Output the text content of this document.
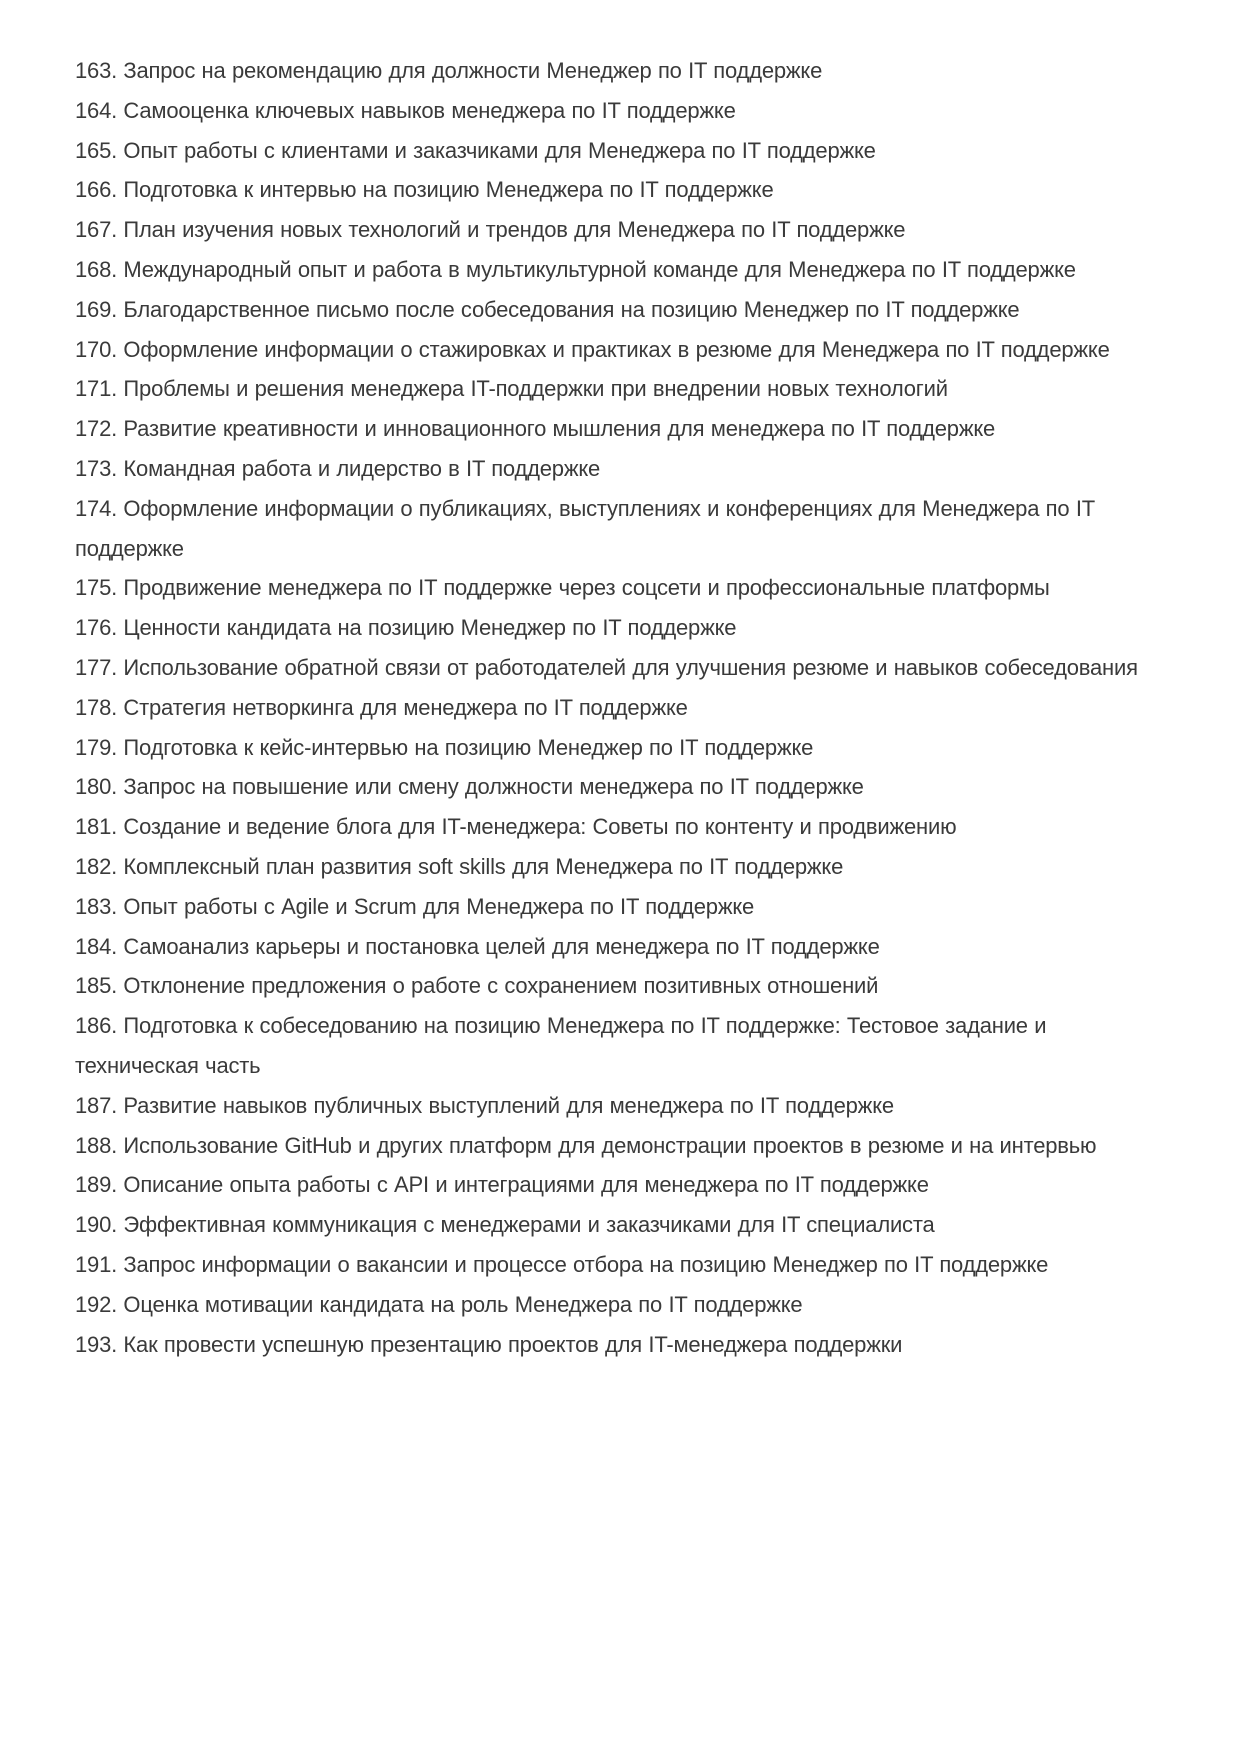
163. Запрос на рекомендацию для должности Менеджер по IT поддержке

164. Самооценка ключевых навыков менеджера по IT поддержке

165. Опыт работы с клиентами и заказчиками для Менеджера по IT поддержке

166. Подготовка к интервью на позицию Менеджера по IT поддержке

167. План изучения новых технологий и трендов для Менеджера по IT поддержке

168. Международный опыт и работа в мультикультурной команде для Менеджера по IT поддержке

169. Благодарственное письмо после собеседования на позицию Менеджер по IT поддержке

170. Оформление информации о стажировках и практиках в резюме для Менеджера по IT поддержке

171. Проблемы и решения менеджера IT-поддержки при внедрении новых технологий

172. Развитие креативности и инновационного мышления для менеджера по IT поддержке

173. Командная работа и лидерство в IT поддержке

174. Оформление информации о публикациях, выступлениях и конференциях для Менеджера по IT поддержке

175. Продвижение менеджера по IT поддержке через соцсети и профессиональные платформы

176. Ценности кандидата на позицию Менеджер по IT поддержке

177. Использование обратной связи от работодателей для улучшения резюме и навыков собеседования

178. Стратегия нетворкинга для менеджера по IT поддержке

179. Подготовка к кейс-интервью на позицию Менеджер по IT поддержке

180. Запрос на повышение или смену должности менеджера по IT поддержке

181. Создание и ведение блога для IT-менеджера: Советы по контенту и продвижению

182. Комплексный план развития soft skills для Менеджера по IT поддержке

183. Опыт работы с Agile и Scrum для Менеджера по IT поддержке

184. Самоанализ карьеры и постановка целей для менеджера по IT поддержке

185. Отклонение предложения о работе с сохранением позитивных отношений

186. Подготовка к собеседованию на позицию Менеджера по IT поддержке: Тестовое задание и техническая часть

187. Развитие навыков публичных выступлений для менеджера по IT поддержке

188. Использование GitHub и других платформ для демонстрации проектов в резюме и на интервью

189. Описание опыта работы с API и интеграциями для менеджера по IT поддержке

190. Эффективная коммуникация с менеджерами и заказчиками для IT специалиста

191. Запрос информации о вакансии и процессе отбора на позицию Менеджер по IT поддержке

192. Оценка мотивации кандидата на роль Менеджера по IT поддержке

193. Как провести успешную презентацию проектов для IT-менеджера поддержки
